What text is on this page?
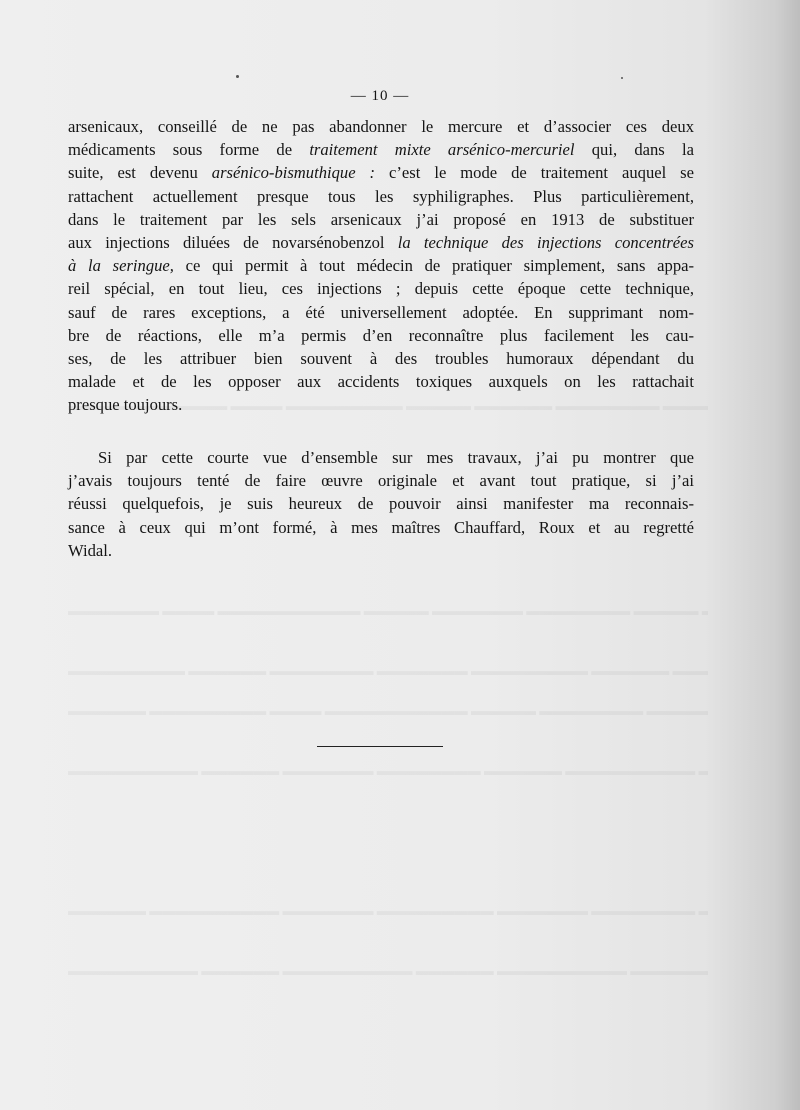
— 10 —
arsenicaux, conseillé de ne pas abandonner le mercure et d’associer ces deux
médicaments sous forme de traitement mixte arsénico-mercuriel qui, dans la
suite, est devenu arsénico-bismuthique : c’est le mode de traitement auquel se
rattachent actuellement presque tous les syphiligraphes. Plus particulièrement,
dans le traitement par les sels arsenicaux j’ai proposé en 1913 de substituer
aux injections diluées de novarsénobenzol la technique des injections concentrées
à la seringue, ce qui permit à tout médecin de pratiquer simplement, sans appa-
reil spécial, en tout lieu, ces injections ; depuis cette époque cette technique,
sauf de rares exceptions, a été universellement adoptée. En supprimant nom-
bre de réactions, elle m’a permis d’en reconnaître plus facilement les cau-
ses, de les attribuer bien souvent à des troubles humoraux dépendant du
malade et de les opposer aux accidents toxiques auxquels on les rattachait
presque toujours.
Si par cette courte vue d’ensemble sur mes travaux, j’ai pu montrer que
j’avais toujours tenté de faire œuvre originale et avant tout pratique, si j’ai
réussi quelquefois, je suis heureux de pouvoir ainsi manifester ma reconnais-
sance à ceux qui m’ont formé, à mes maîtres Chauffard, Roux et au regretté
Widal.
